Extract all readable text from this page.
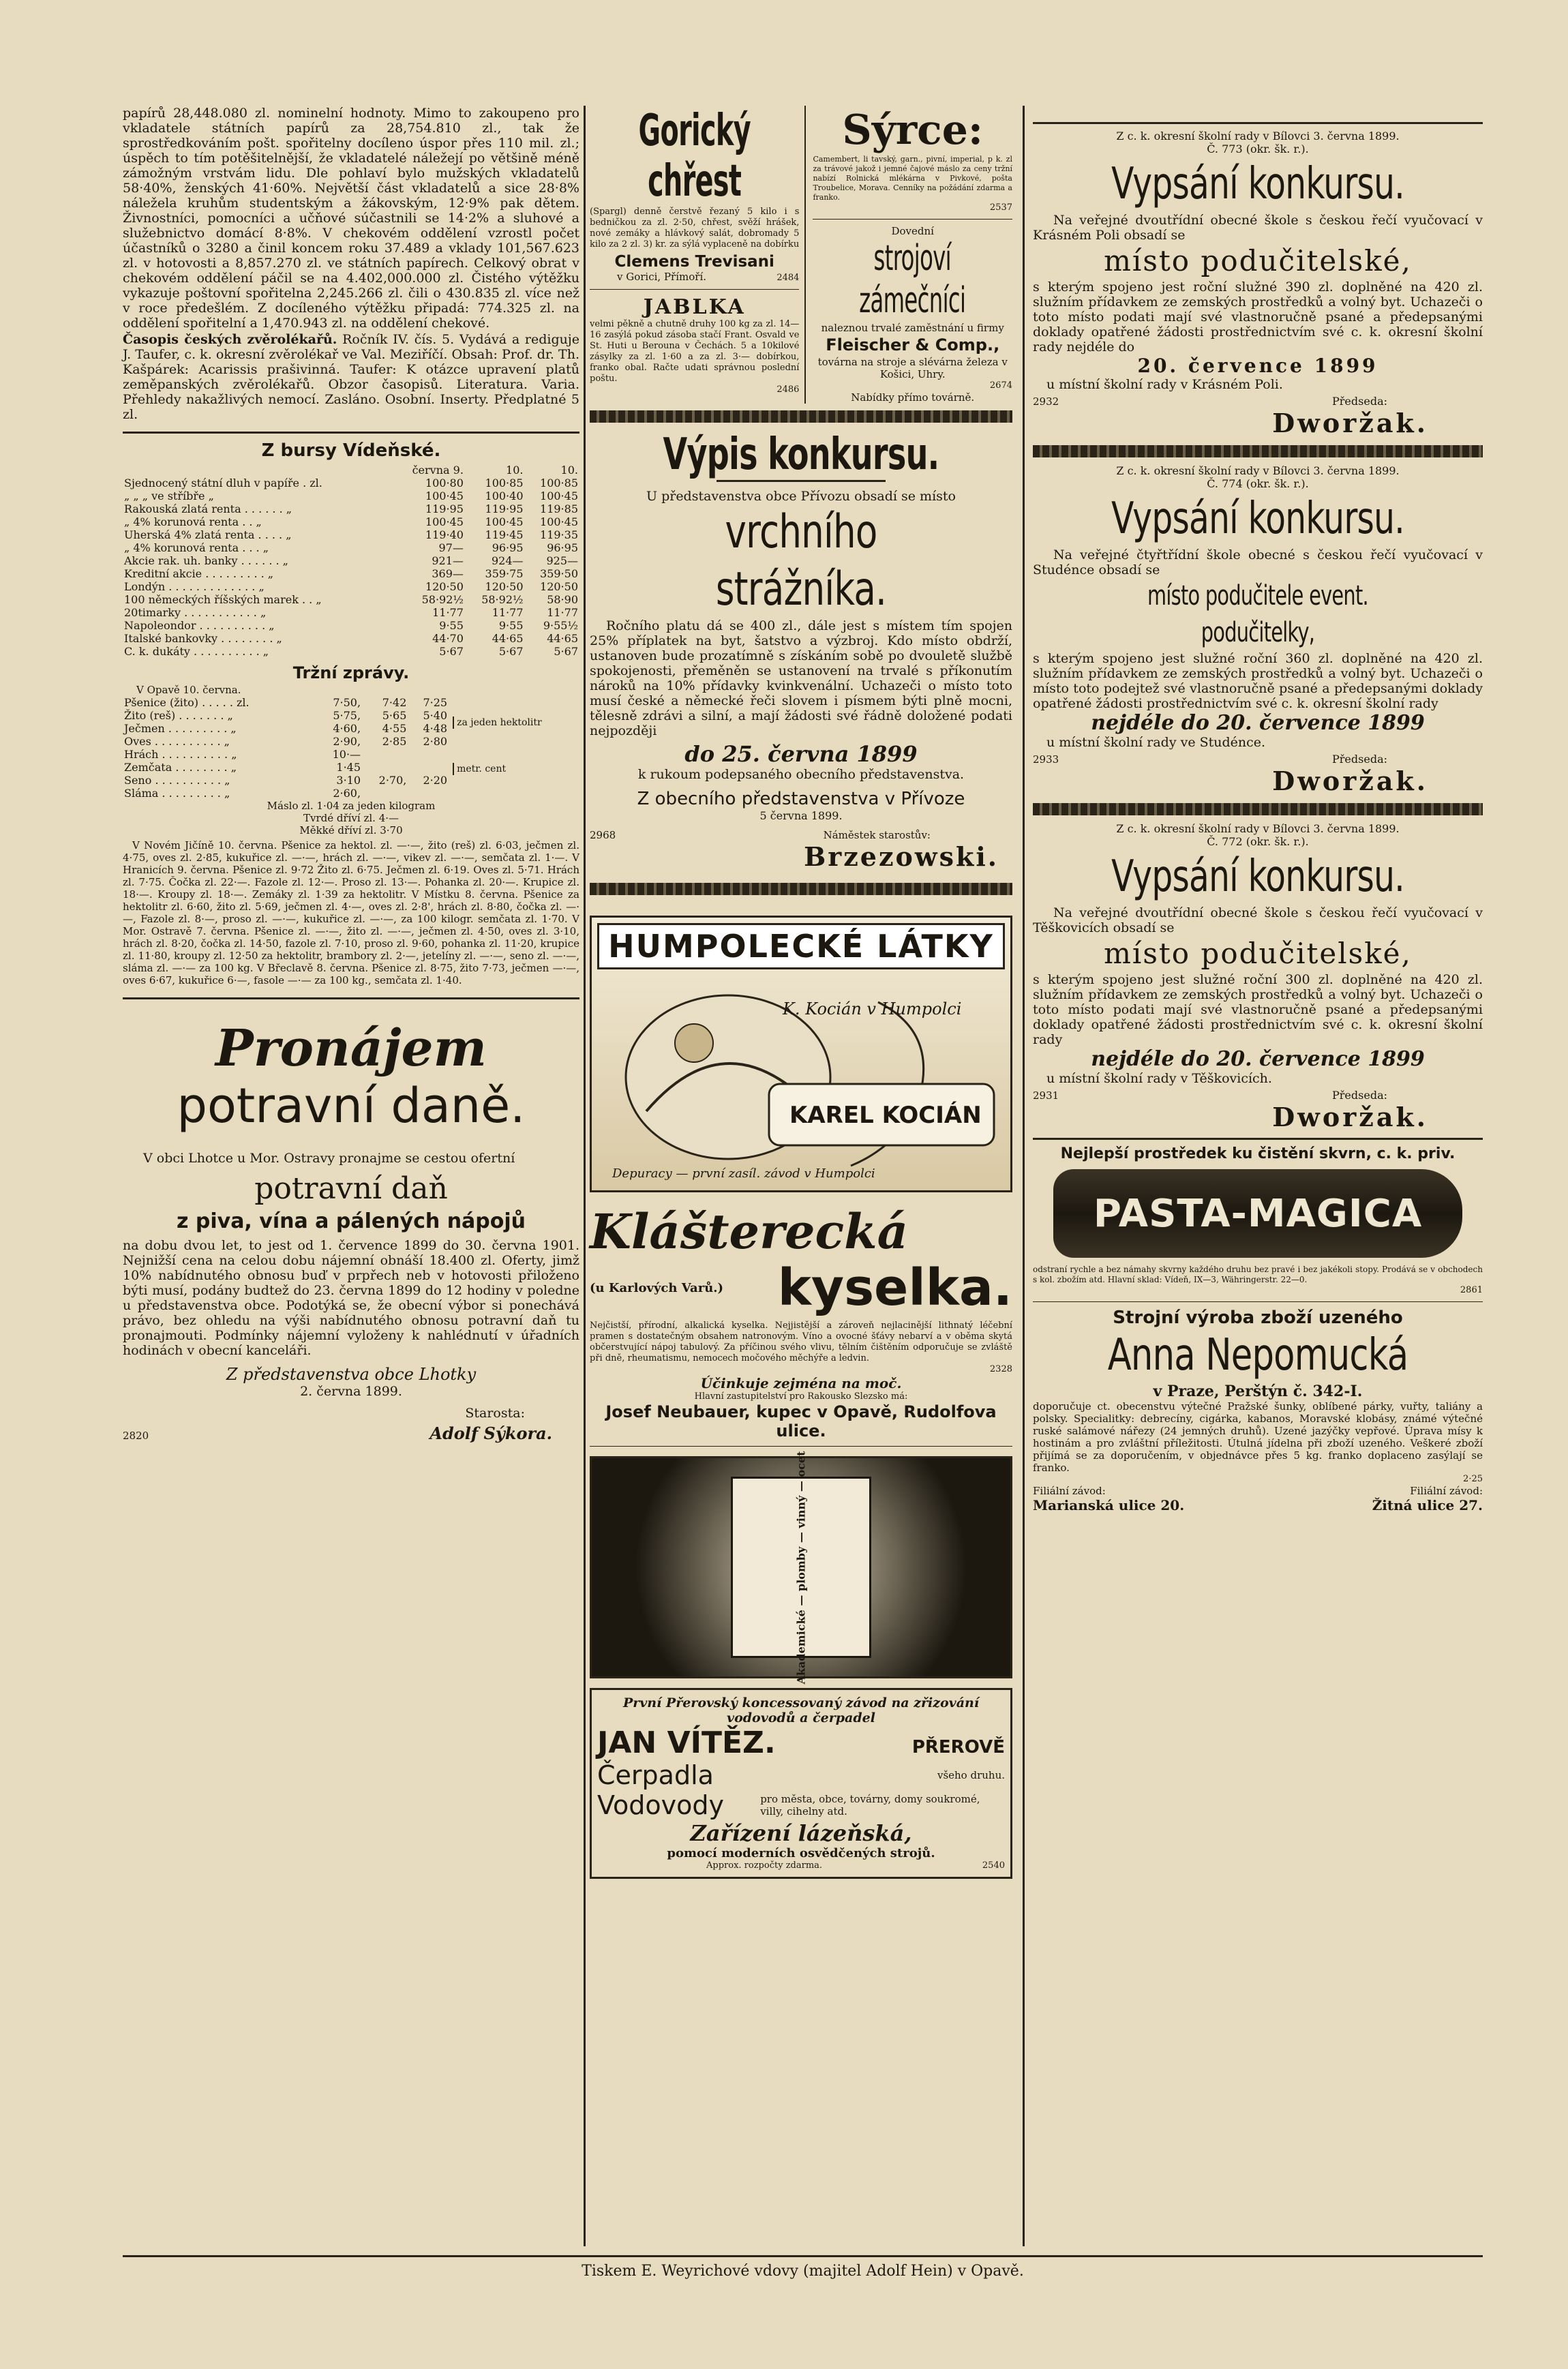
papírů 28,448.080 zl. nominelní hodnoty. Mimo to zakoupeno pro vkladatele státních papírů za 28,754.810 zl., tak že sprostředkováním pošt. spořitelny docíleno úspor přes 110 mil. zl.; úspěch to tím potěšitelnější, že vkladatelé náležejí po většině méně zámožným vrstvám lidu. Dle pohlaví bylo mužských vkladatelů 58·40%, ženských 41·60%. Největší část vkladatelů a sice 28·8% náležela kruhům studentským a žákovským, 12·9% pak dětem. Živnostníci, pomocníci a učňové súčastnili se 14·2% a sluhové a služebnictvo domácí 8·8%. V chekovém oddělení vzrostl počet účastníků o 3280 a činil koncem roku 37.489 a vklady 101,567.623 zl. v hotovosti a 8,857.270 zl. ve státních papírech. Celkový obrat v chekovém oddělení páčil se na 4.402,000.000 zl. Čistého výtěžku vykazuje poštovní spořitelna 2,245.266 zl. čili o 430.835 zl. více než v roce předešlém. Z docíleného výtěžku připadá: 774.325 zl. na oddělení spořitelní a 1,470.943 zl. na oddělení chekové.

Časopis českých zvěrolékařů. Ročník IV. čís. 5. Vydává a rediguje J. Taufer, c. k. okresní zvěrolékař ve Val. Meziříčí. Obsah: Prof. dr. Th. Kašpárek: Acarissis prašivinná. Taufer: K otázce upravení platů zeměpanských zvěrolékařů. Obzor časopisů. Literatura. Varia. Přehledy nakažlivých nemocí. Zasláno. Osobní. Inserty. Předplatné 5 zl.

Z bursy Vídeňské.
	června 9.	10.	10.
Sjednocený státní dluh v papíře . zl.	100·80	100·85	100·85
„ „ „ ve stříbře „	100·45	100·40	100·45
Rakouská zlatá renta . . . . . . „	119·95	119·95	119·85
„ 4% korunová renta . . „	100·45	100·45	100·45
Uherská 4% zlatá renta . . . . „	119·40	119·45	119·35
„ 4% korunová renta . . . „	97—	96·95	96·95
Akcie rak. uh. banky . . . . . . „	921—	924—	925—
Kreditní akcie . . . . . . . . . „	369—	359·75	359·50
Londýn . . . . . . . . . . . . . „	120·50	120·50	120·50
100 německých říšských marek . . „	58·92½	58·92½	58·90
20timarky . . . . . . . . . . . „	11·77	11·77	11·77
Napoleondor . . . . . . . . . . „	9·55	9·55	9·55½
Italské bankovky . . . . . . . . „	44·70	44·65	44·65
C. k. dukáty . . . . . . . . . . „	5·67	5·67	5·67
Tržní zprávy.
V Opavě 10. června.
Pšenice (žito) . . . . . zl.	7·50,	7·42	7·25
Žito (reš) . . . . . . . „	5·75,	5·65	5·40
Ječmen . . . . . . . . . „	4·60,	4·55	4·48
Oves . . . . . . . . . . „	2·90,	2·85	2·80
Hrách . . . . . . . . . . „	10·—		
Zemčata . . . . . . . . „	1·45		
Seno . . . . . . . . . . „	3·10	2·70,	2·20
Sláma . . . . . . . . . „	2·60,		
za jeden hektolitr
metr. cent
Máslo zl. 1·04 za jeden kilogram
Tvrdé dříví zl. 4·—
Měkké dříví zl. 3·70

V Novém Jičíně 10. června. Pšenice za hektol. zl. —·—, žito (reš) zl. 6·03, ječmen zl. 4·75, oves zl. 2·85, kukuřice zl. —·—, hrách zl. —·—, vikev zl. —·—, semčata zl. 1·—. V Hranicích 9. června. Pšenice zl. 9·72 Žito zl. 6·75. Ječmen zl. 6·19. Oves zl. 5·71. Hrách zl. 7·75. Čočka zl. 22·—. Fazole zl. 12·—. Proso zl. 13·—. Pohanka zl. 20·—. Krupice zl. 18·—. Kroupy zl. 18·—. Zemáky zl. 1·39 za hektolitr. V Místku 8. června. Pšenice za hektolitr zl. 6·60, žito zl. 5·69, ječmen zl. 4·—, oves zl. 2·8', hrách zl. 8·80, čočka zl. —·—, Fazole zl. 8·—, proso zl. —·—, kukuřice zl. —·—, za 100 kilogr. semčata zl. 1·70. V Mor. Ostravě 7. června. Pšenice zl. —·—, žito zl. —·—, ječmen zl. 4·50, oves zl. 3·10, hrách zl. 8·20, čočka zl. 14·50, fazole zl. 7·10, proso zl. 9·60, pohanka zl. 11·20, krupice zl. 11·80, kroupy zl. 12·50 za hektolitr, brambory zl. 2·—, jetelíny zl. —·—, seno zl. —·—, sláma zl. —·— za 100 kg. V Břeclavě 8. června. Pšenice zl. 8·75, žito 7·73, ječmen —·—, oves 6·67, kukuřice 6·—, fasole —·— za 100 kg., semčata zl. 1·40.

Pronájem
potravní daně.

V obci Lhotce u Mor. Ostravy pronajme se cestou ofertní

potravní daň
z piva, vína a pálených nápojů

na dobu dvou let, to jest od 1. července 1899 do 30. června 1901. Nejnižší cena na celou dobu nájemní obnáší 18.400 zl. Oferty, jimž 10% nabídnutého obnosu buď v prpřech neb v hotovosti přiloženo býti musí, podány budtež do 23. června 1899 do 12 hodiny v poledne u představenstva obce. Podotýká se, že obecní výbor si ponechává právo, bez ohledu na výši nabídnutého obnosu potravní daň tu pronajmouti. Podmínky nájemní vyloženy k nahlédnutí v úřadních hodinách v obecní kanceláři.

Z představenstva obce Lhotky
2. června 1899.
Starosta:
2820	Adolf Sýkora.
Gorický chřest

(Spargl) denně čerstvě řezaný 5 kilo i s bedničkou za zl. 2·50, chřest, svěží hrášek, nové zemáky a hlávkový salát, dobromady 5 kilo za 2 zl. 3) kr. za sýlá vyplaceně na dobírku

Clemens Trevisani
v Gorici, Přímoří.	2484
JABLKA

velmi pěkně a chutně druhy 100 kg za zl. 14—16 zasýlá pokud zásoba stačí Frant. Osvald ve St. Huti u Berouna v Čechách. 5 a 10kilové zásylky za zl. 1·60 a za zl. 3·— dobírkou, franko obal. Račte udati správnou poslední poštu.

2486
Sýrce:

Camembert, li tavský, garn., pivní, imperial, p k. zl za trávové jakož i jemné čajové máslo za ceny tržní nabízí Rolnická mlékárna v Pivkové, pošta Troubelice, Morava. Cenníky na požádání zdarma a franko.

2537
Dovední
strojoví zámečníci
naleznou trvalé zaměstnání u firmy
Fleischer & Comp.,

továrna na stroje a slévárna železa v Košici, Uhry.

2674
Nabídky přímo továrně.
Výpis konkursu.

U představenstva obce Přívozu obsadí se místo

vrchního strážníka.

Ročního platu dá se 400 zl., dále jest s místem tím spojen 25% příplatek na byt, šatstvo a výzbroj. Kdo místo obdrží, ustanoven bude prozatímně s získáním sobě po dvouletě službě spokojenosti, přeměněn se ustanovení na trvalé s příkonutím nároků na 10% přídavky kvinkvenální. Uchazeči o místo toto musí české a německé řeči slovem i písmem býti plně mocni, tělesně zdrávi a silní, a mají žádosti své řádně doložené podati nejpozději

do 25. června 1899

k rukoum podepsaného obecního představenstva.

Z obecního představenstva v Přívoze
5 června 1899.
2968	Náměstek starostův:
Brzezowski.
HUMPOLECKÉ LÁTKY
K. Kocián v Humpolci
KAREL KOCIÁN
Depuracy — první zasíl. závod v Humpolci
Klášterecká
(u Karlových Varů.) kyselka.

Nejčistší, přírodní, alkalická kyselka. Nejjistější a zároveň nejlacinější lithnatý léčební pramen s dostatečným obsahem natronovým. Víno a ovocné šťávy nebarví a v oběma skytá občerstvující nápoj tabulový. Za příčinou svého vlivu, tělním čištěním odporučuje se zvláště při dně, rheumatismu, nemocech močového měchýře a ledvin.

2328
Účinkuje zejména na moč.
Hlavní zastupitelství pro Rakousko Slezsko má:
Josef Neubauer, kupec v Opavě, Rudolfova ulice.
Akademické — plomby — vinný — ocet
První Přerovský koncessovaný závod na zřizování vodovodů a čerpadel
JAN VÍTĚZ.	PŘEROVĚ
Čerpadla	všeho druhu.
Vodovody	pro města, obce, továrny, domy soukromé, villy, cihelny atd.
Zařízení lázeňská,
pomocí moderních osvědčených strojů.
Approx. rozpočty zdarma.	2540
Z c. k. okresní školní rady v Bílovci 3. června 1899.
Č. 773 (okr. šk. r.).
Vypsání konkursu.

Na veřejné dvoutřídní obecné škole s českou řečí vyučovací v Krásném Poli obsadí se

místo podučitelské,

s kterým spojeno jest roční služné 390 zl. doplněné na 420 zl. služním přídavkem ze zemských prostředků a volný byt. Uchazeči o toto místo podati mají své vlastnoručně psané a předepsanými doklady opatřené žádosti prostřednictvím své c. k. okresní školní rady nejdéle do

20. července 1899

u místní školní rady v Krásném Poli.

2932	Předseda:
Dworžak.
Z c. k. okresní školní rady v Bílovci 3. června 1899.
Č. 774 (okr. šk. r.).
Vypsání konkursu.

Na veřejné čtyřtřídní škole obecné s českou řečí vyučovací v Studénce obsadí se

místo podučitele event. podučitelky,

s kterým spojeno jest služné roční 360 zl. doplněné na 420 zl. služním přídavkem ze zemských prostředků a volný byt. Uchazeči o místo toto podejtež své vlastnoručně psané a předepsanými doklady opatřené žádosti prostřednictvím své c. k. okresní školní rady

nejdéle do 20. července 1899

u místní školní rady ve Studénce.

2933	Předseda:
Dworžak.
Z c. k. okresní školní rady v Bílovci 3. června 1899.
Č. 772 (okr. šk. r.).
Vypsání konkursu.

Na veřejné dvoutřídní obecné škole s českou řečí vyučovací v Těškovicích obsadí se

místo podučitelské,

s kterým spojeno jest služné roční 300 zl. doplněné na 420 zl. služním přídavkem ze zemských prostředků a volný byt. Uchazeči o toto místo podati mají své vlastnoručně psané a předepsanými doklady opatřené žádosti prostřednictvím své c. k. okresní školní rady

nejdéle do 20. července 1899

u místní školní rady v Těškovicích.

2931	Předseda:
Dworžak.
Nejlepší prostředek ku čistění skvrn, c. k. priv.
PASTA-MAGICA

odstraní rychle a bez námahy skvrny každého druhu bez pravé i bez jakékoli stopy. Prodává se v obchodech s kol. zbožím atd. Hlavní sklad: Vídeň, IX—3, Währingerstr. 22—0.

2861
Strojní výroba zboží uzeného
Anna Nepomucká
v Praze, Perštýn č. 342-I.

doporučuje ct. obecenstvu výtečné Pražské šunky, oblíbené párky, vuřty, taliány a polsky. Specialitky: debrecíny, cigárka, kabanos, Moravské klobásy, známé výtečné ruské salámové nářezy (24 jemných druhů). Uzené jazýčky vepřové. Úprava mísy k hostinám a pro zvláštní příležitosti. Útulná jídelna při zboží uzeného. Veškeré zboží přijímá se za doporučením, v objednávce přes 5 kg. franko doplaceno zasýlají se franko.

2·25
Filiální závod:	Filiální závod:
Marianská ulice 20.	Žitná ulice 27.
Tiskem E. Weyrichové vdovy (majitel Adolf Hein) v Opavě.
